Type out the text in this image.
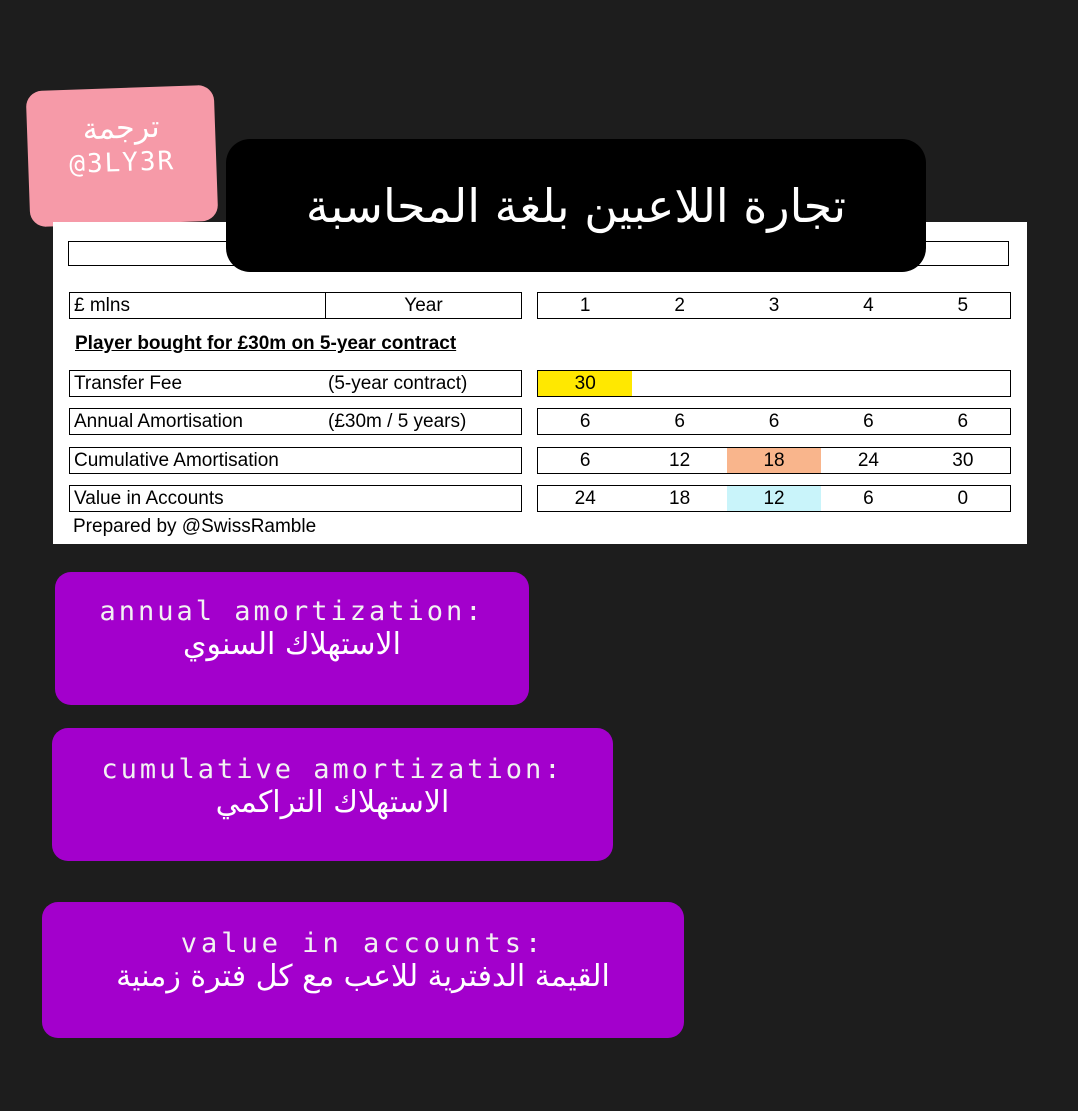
ترجمة
@3LY3R
£ mlns	Year	1	2	3	4	5
Player bought for £30m on 5-year contract
Transfer Fee	(5-year contract)	30
Annual Amortisation	(£30m / 5 years)	6	6	6	6	6
Cumulative Amortisation	6	12	18	24	30
Value in Accounts	24	18	12	6	0
Prepared by @SwissRamble
تجارة اللاعبين بلغة المحاسبة
annual amortization:
الاستهلاك السنوي
cumulative amortization:
الاستهلاك التراكمي
value in accounts:
القيمة الدفترية للاعب مع كل فترة زمنية
